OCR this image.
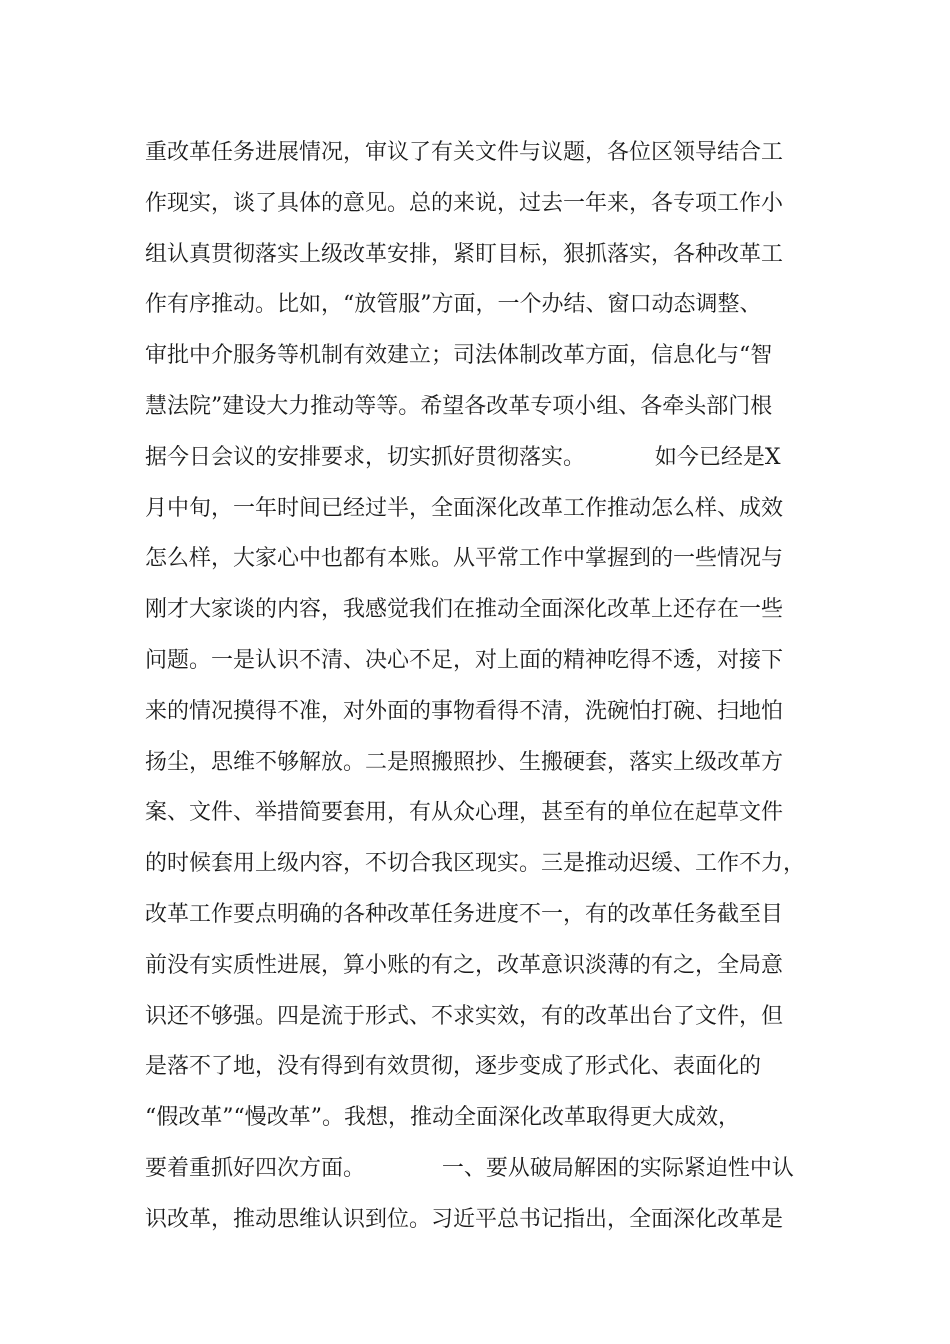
重改革任务进展情况，审议了有关文件与议题，各位区领导结合工
作现实，谈了具体的意见。总的来说，过去一年来，各专项工作小
组认真贯彻落实上级改革安排，紧盯目标，狠抓落实，各种改革工
作有序推动。比如，“放管服”方面，一个办结、窗口动态调整、
审批中介服务等机制有效建立；司法体制改革方面，信息化与“智
慧法院”建设大力推动等等。希望各改革专项小组、各牵头部门根
据今日会议的安排要求，切实抓好贯彻落实。          如今已经是X
月中旬，一年时间已经过半，全面深化改革工作推动怎么样、成效
怎么样，大家心中也都有本账。从平常工作中掌握到的一些情况与
刚才大家谈的内容，我感觉我们在推动全面深化改革上还存在一些
问题。一是认识不清、决心不足，对上面的精神吃得不透，对接下
来的情况摸得不准，对外面的事物看得不清，洗碗怕打碗、扫地怕
扬尘，思维不够解放。二是照搬照抄、生搬硬套，落实上级改革方
案、文件、举措简要套用，有从众心理，甚至有的单位在起草文件
的时候套用上级内容，不切合我区现实。三是推动迟缓、工作不力，
改革工作要点明确的各种改革任务进度不一，有的改革任务截至目
前没有实质性进展，算小账的有之，改革意识淡薄的有之，全局意
识还不够强。四是流于形式、不求实效，有的改革出台了文件，但
是落不了地，没有得到有效贯彻，逐步变成了形式化、表面化的
“假改革”“慢改革”。我想，推动全面深化改革取得更大成效，
要着重抓好四次方面。           一、要从破局解困的实际紧迫性中认
识改革，推动思维认识到位。习近平总书记指出，全面深化改革是
